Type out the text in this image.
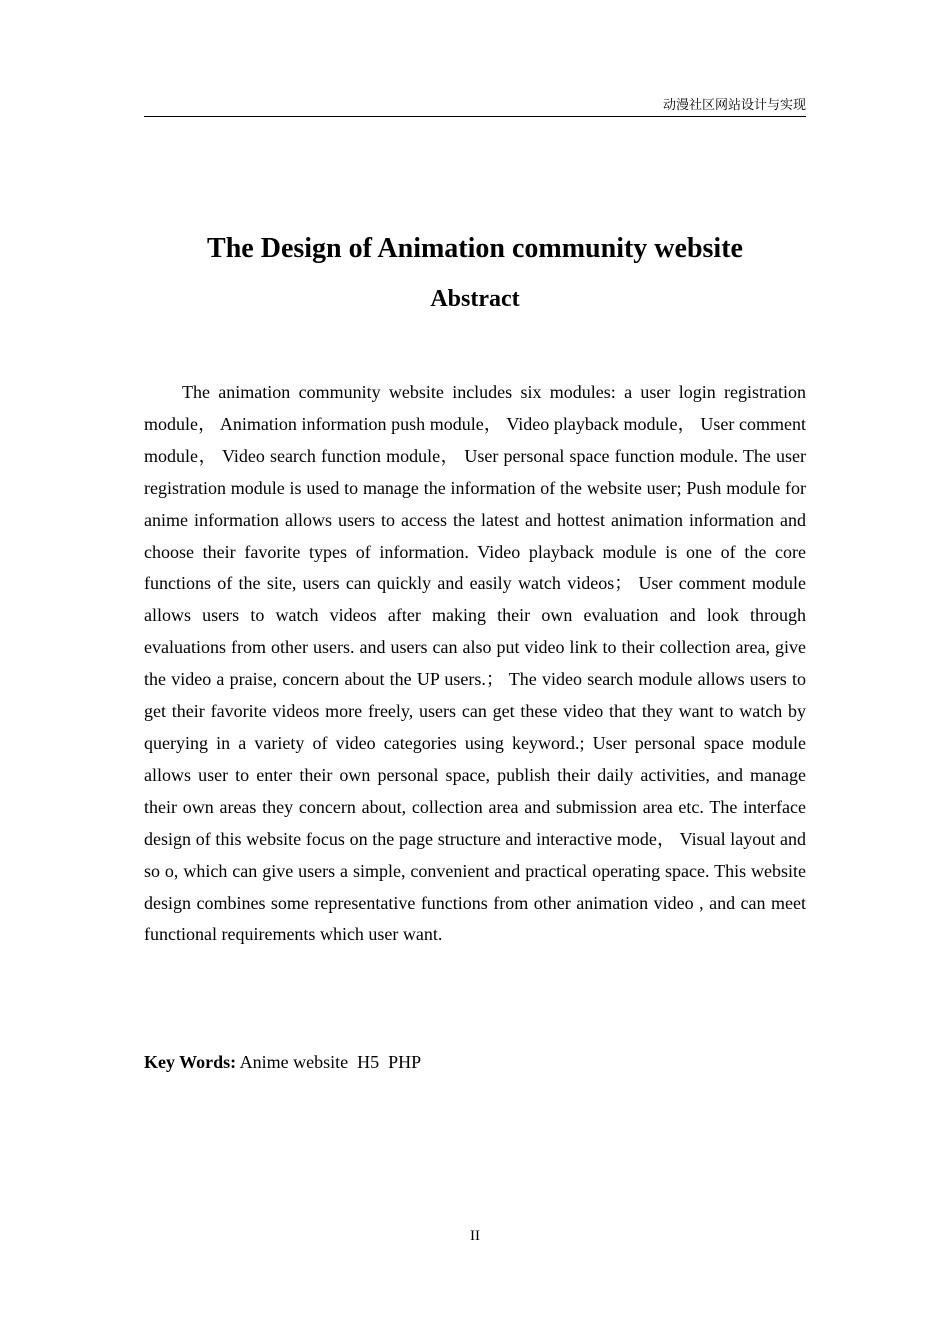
动漫社区网站设计与实现
The Design of Animation community website
Abstract

The animation community website includes six modules: a user login registration module， Animation information push module， Video playback module， User comment module， Video search function module， User personal space function module. The user registration module is used to manage the information of the website user; Push module for anime information allows users to access the latest and hottest animation information and choose their favorite types of information. Video playback module is one of the core functions of the site, users can quickly and easily watch videos； User comment module allows users to watch videos after making their own evaluation and look through evaluations from other users. and users can also put video link to their collection area, give the video a praise, concern about the UP users.； The video search module allows users to get their favorite videos more freely, users can get these video that they want to watch by querying in a variety of video categories using keyword.; User personal space module allows user to enter their own personal space, publish their daily activities, and manage their own areas they concern about, collection area and submission area etc. The interface design of this website focus on the page structure and interactive mode， Visual layout and so o, which can give users a simple, convenient and practical operating space. This website design combines some representative functions from other animation video , and can meet functional requirements which user want.

Key Words: Anime website  H5  PHP

II
